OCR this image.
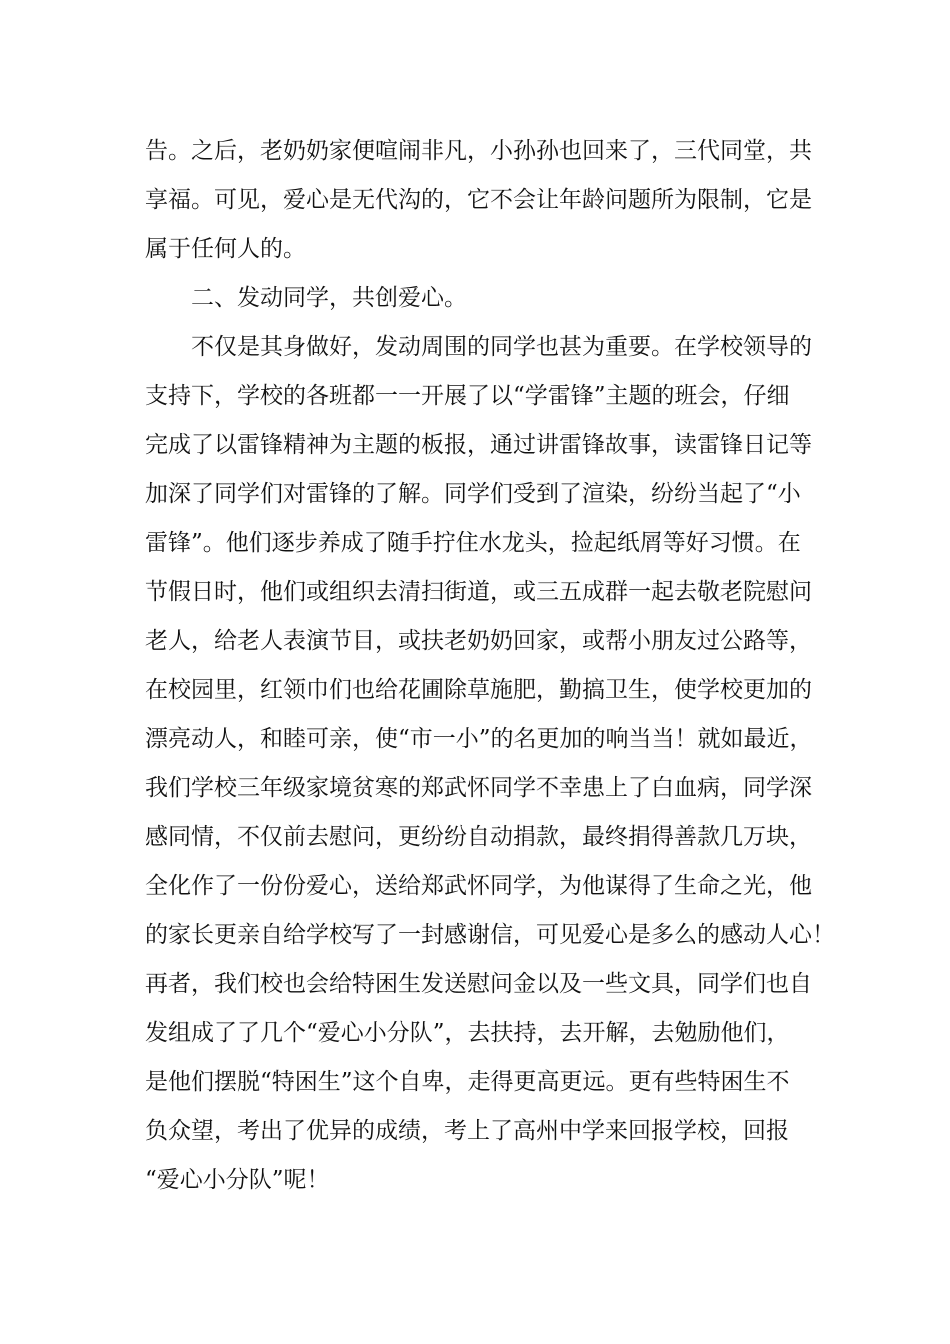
告。之后，老奶奶家便喧闹非凡，小孙孙也回来了，三代同堂，共
享福。可见，爱心是无代沟的，它不会让年龄问题所为限制，它是
属于任何人的。
二、发动同学，共创爱心。
不仅是其身做好，发动周围的同学也甚为重要。在学校领导的
支持下，学校的各班都一一开展了以“学雷锋”主题的班会，仔细
完成了以雷锋精神为主题的板报，通过讲雷锋故事，读雷锋日记等
加深了同学们对雷锋的了解。同学们受到了渲染，纷纷当起了“小
雷锋”。他们逐步养成了随手拧住水龙头，捡起纸屑等好习惯。在
节假日时，他们或组织去清扫街道，或三五成群一起去敬老院慰问
老人，给老人表演节目，或扶老奶奶回家，或帮小朋友过公路等，
在校园里，红领巾们也给花圃除草施肥，勤搞卫生，使学校更加的
漂亮动人，和睦可亲，使“市一小”的名更加的响当当！就如最近，
我们学校三年级家境贫寒的郑武怀同学不幸患上了白血病，同学深
感同情，不仅前去慰问，更纷纷自动捐款，最终捐得善款几万块，
全化作了一份份爱心，送给郑武怀同学，为他谋得了生命之光，他
的家长更亲自给学校写了一封感谢信，可见爱心是多么的感动人心！
再者，我们校也会给特困生发送慰问金以及一些文具，同学们也自
发组成了了几个“爱心小分队”，去扶持，去开解，去勉励他们，
是他们摆脱“特困生”这个自卑，走得更高更远。更有些特困生不
负众望，考出了优异的成绩，考上了高州中学来回报学校，回报
“爱心小分队”呢！
